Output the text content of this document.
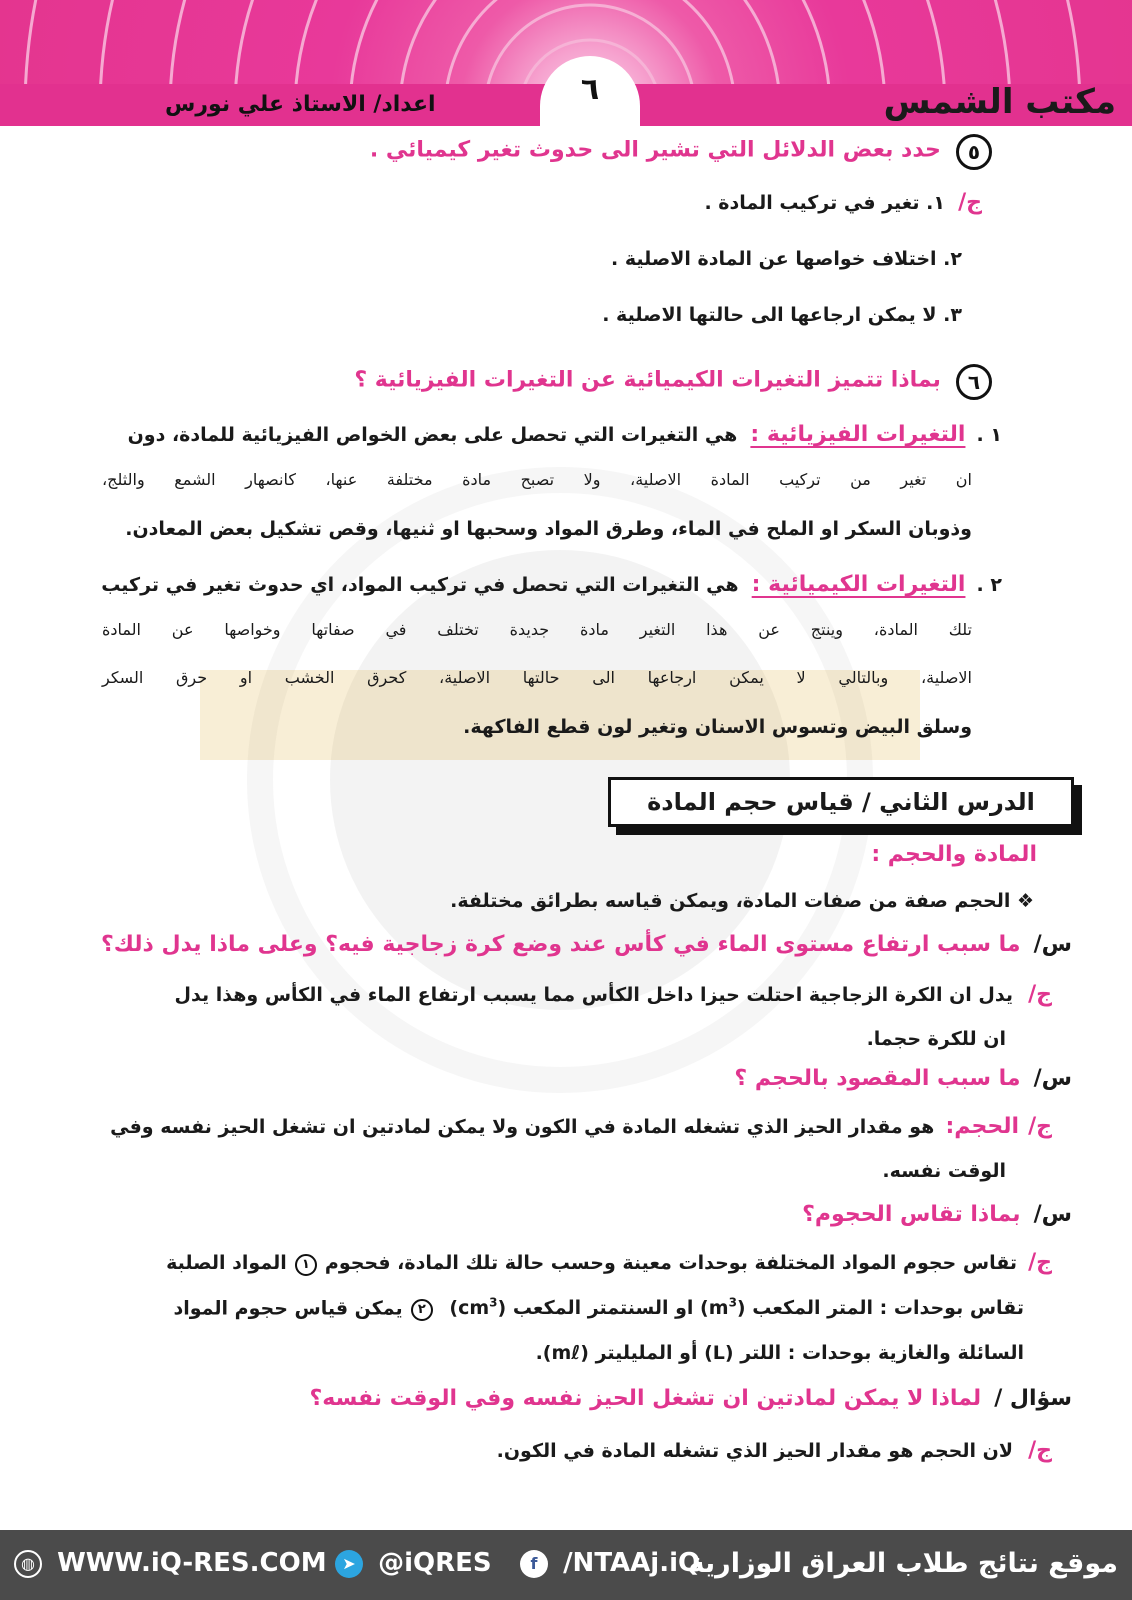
مكتب الشمس
اعداد/ الاستاذ علي نورس	٦
٥ حدد بعض الدلائل التي تشير الى حدوث تغير كيميائي .
ج/ ١. تغير في تركيب المادة .
٢. اختلاف خواصها عن المادة الاصلية .
٣. لا يمكن ارجاعها الى حالتها الاصلية .
٦ بماذا تتميز التغيرات الكيميائية عن التغيرات الفيزيائية ؟
١ . التغيرات الفيزيائية : هي التغيرات التي تحصل على بعض الخواص الفيزيائية للمادة، دون
ان تغير من تركيب المادة الاصلية، ولا تصبح مادة مختلفة عنها، كانصهار الشمع والثلج،
وذوبان السكر او الملح في الماء، وطرق المواد وسحبها او ثنيها، وقص تشكيل بعض المعادن.
٢ . التغيرات الكيميائية : هي التغيرات التي تحصل في تركيب المواد، اي حدوث تغير في تركيب
تلك المادة، وينتج عن هذا التغير مادة جديدة تختلف في صفاتها وخواصها عن المادة
الاصلية، وبالتالي لا يمكن ارجاعها الى حالتها الاصلية، كحرق الخشب او حرق السكر
وسلق البيض وتسوس الاسنان وتغير لون قطع الفاكهة.
الدرس الثاني / قياس حجم المادة
المادة والحجم :
❖ الحجم صفة من صفات المادة، ويمكن قياسه بطرائق مختلفة.
س/ ما سبب ارتفاع مستوى الماء في كأس عند وضع كرة زجاجية فيه؟ وعلى ماذا يدل ذلك؟
ج/ يدل ان الكرة الزجاجية احتلت حيزا داخل الكأس مما يسبب ارتفاع الماء في الكأس وهذا يدل
ان للكرة حجما.
س/ ما سبب المقصود بالحجم ؟
ج/ الحجم: هو مقدار الحيز الذي تشغله المادة في الكون ولا يمكن لمادتين ان تشغل الحيز نفسه وفي
الوقت نفسه.
س/ بماذا تقاس الحجوم؟
ج/ تقاس حجوم المواد المختلفة بوحدات معينة وحسب حالة تلك المادة، فحجوم ١ المواد الصلبة
تقاس بوحدات : المتر المكعب $(m^3)$ او السنتمتر المكعب $(cm^3)$ ٢ يمكن قياس حجوم المواد
السائلة والغازية بوحدات : اللتر (L) أو المليليتر (mℓ).
سؤال / لماذا لا يمكن لمادتين ان تشغل الحيز نفسه وفي الوقت نفسه؟
ج/ لان الحجم هو مقدار الحيز الذي تشغله المادة في الكون.
◍ WWW.iQ-RES.COM ➤ @iQRES	f /NTAAj.iQ
موقع نتائج طلاب العراق الوزارية
